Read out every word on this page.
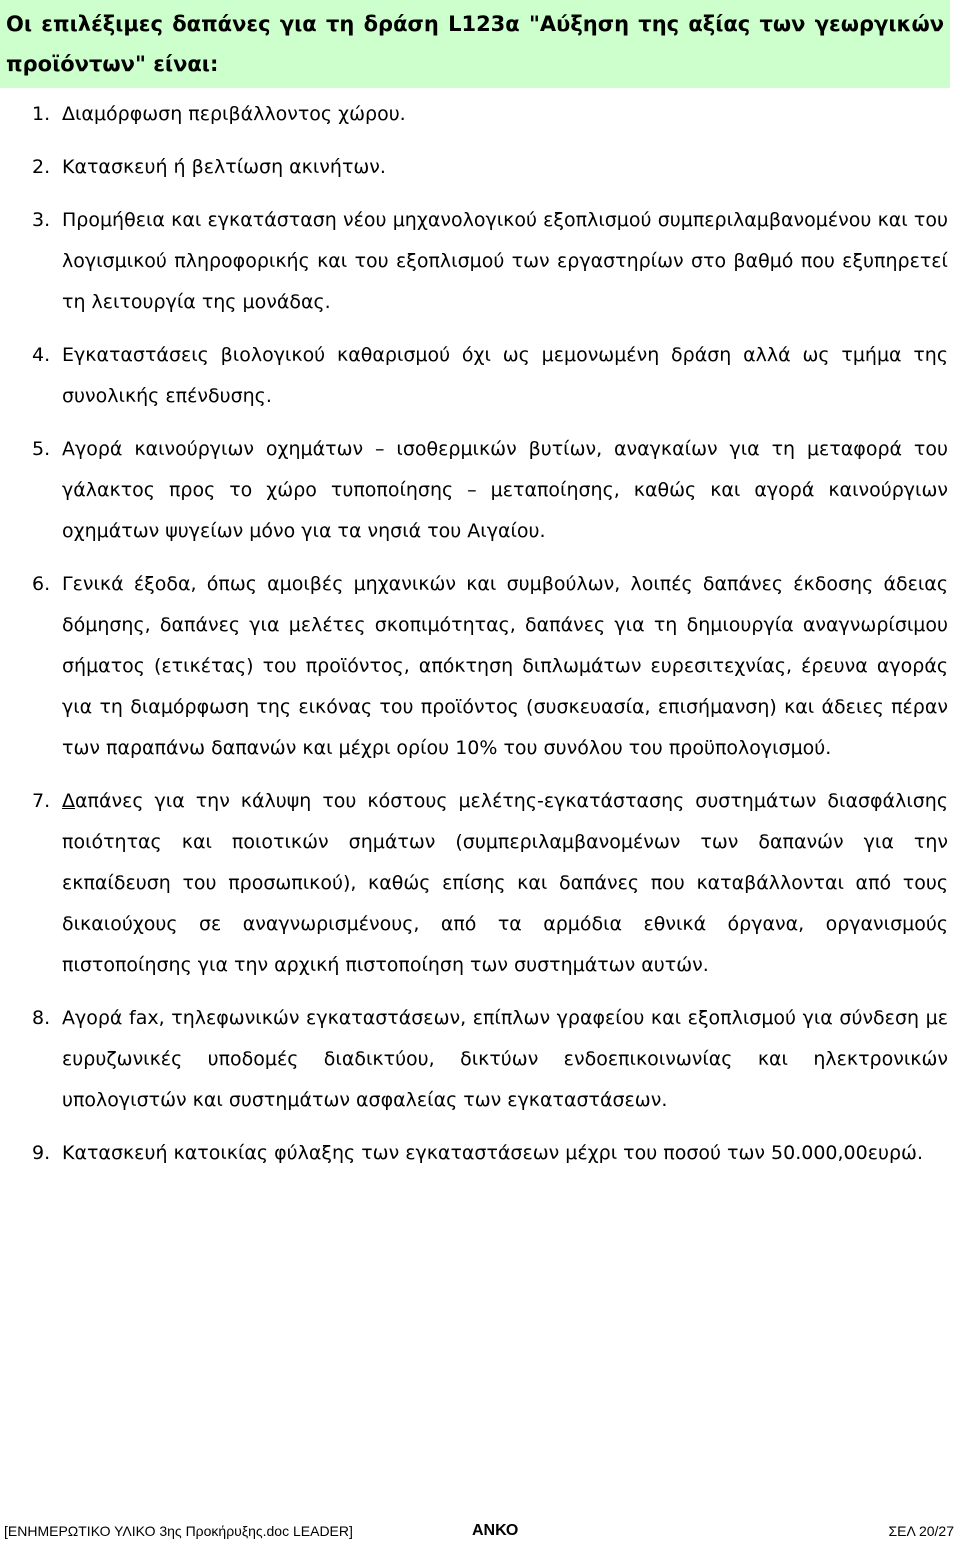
Οι επιλέξιμες δαπάνες για τη δράση L123α "Αύξηση της αξίας των γεωργικών προϊόντων" είναι:

1. Διαμόρφωση περιβάλλοντος χώρου.

2. Κατασκευή ή βελτίωση ακινήτων.

3. Προμήθεια και εγκατάσταση νέου μηχανολογικού εξοπλισμού συμπεριλαμβανομένου και του λογισμικού πληροφορικής και του εξοπλισμού των εργαστηρίων στο βαθμό που εξυπηρετεί τη λειτουργία της μονάδας.

4. Εγκαταστάσεις βιολογικού καθαρισμού όχι ως μεμονωμένη δράση αλλά ως τμήμα της συνολικής επένδυσης.

5. Αγορά καινούργιων οχημάτων – ισοθερμικών βυτίων, αναγκαίων για τη μεταφορά του γάλακτος προς το χώρο τυποποίησης – μεταποίησης, καθώς και αγορά καινούργιων οχημάτων ψυγείων μόνο για τα νησιά του Αιγαίου.

6. Γενικά έξοδα, όπως αμοιβές μηχανικών και συμβούλων, λοιπές δαπάνες έκδοσης άδειας δόμησης, δαπάνες για μελέτες σκοπιμότητας, δαπάνες για τη δημιουργία αναγνωρίσιμου σήματος (ετικέτας) του προϊόντος, απόκτηση διπλωμάτων ευρεσιτεχνίας, έρευνα αγοράς για τη διαμόρφωση της εικόνας του προϊόντος (συσκευασία, επισήμανση) και άδειες πέραν των παραπάνω δαπανών και μέχρι ορίου 10% του συνόλου του προϋπολογισμού.

7. Δαπάνες για την κάλυψη του κόστους μελέτης-εγκατάστασης συστημάτων διασφάλισης ποιότητας και ποιοτικών σημάτων (συμπεριλαμβανομένων των δαπανών για την εκπαίδευση του προσωπικού), καθώς επίσης και δαπάνες που καταβάλλονται από τους δικαιούχους σε αναγνωρισμένους, από τα αρμόδια εθνικά όργανα, οργανισμούς πιστοποίησης για την αρχική πιστοποίηση των συστημάτων αυτών.

8. Αγορά fax, τηλεφωνικών εγκαταστάσεων, επίπλων γραφείου και εξοπλισμού για σύνδεση με ευρυζωνικές υποδομές διαδικτύου, δικτύων ενδοεπικοινωνίας και ηλεκτρονικών υπολογιστών και συστημάτων ασφαλείας των εγκαταστάσεων.

9. Κατασκευή κατοικίας φύλαξης των εγκαταστάσεων μέχρι του ποσού των 50.000,00ευρώ.

[ΕΝΗΜΕΡΩΤΙΚΟ ΥΛΙΚΟ 3ης Προκήρυξης.doc LEADER]	ΑΝΚΟ	ΣΕΛ 20/27
